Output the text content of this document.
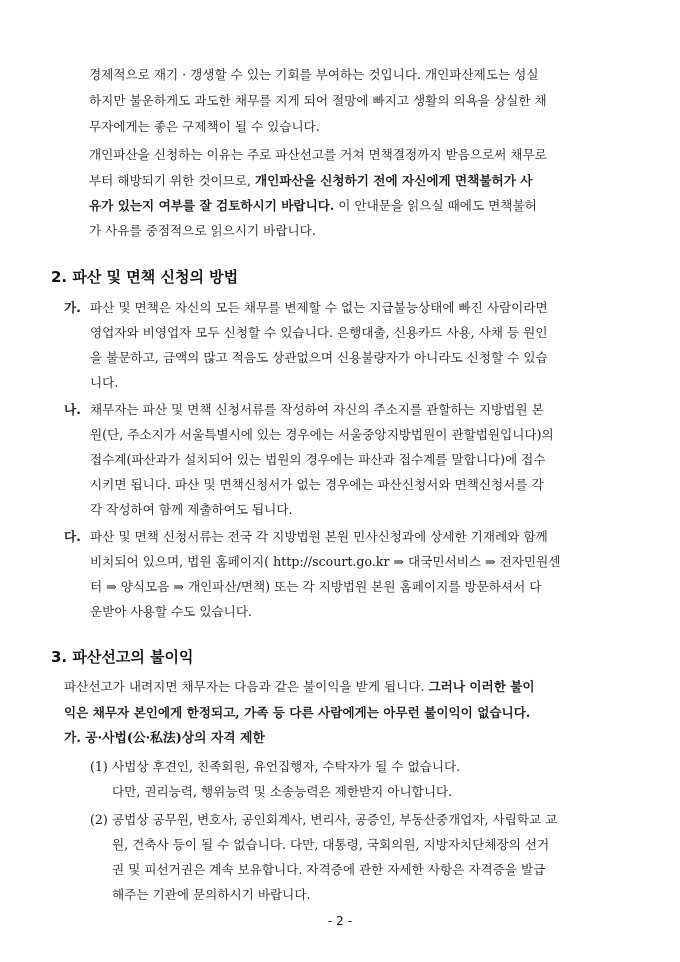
경제적으로 재기 · 갱생할 수 있는 기회를 부여하는 것입니다. 개인파산제도는 성실
하지만 불운하게도 과도한 채무를 지게 되어 절망에 빠지고 생활의 의욕을 상실한 채
무자에게는 좋은 구제책이 될 수 있습니다.
개인파산을 신청하는 이유는 주로 파산선고를 거쳐 면책결정까지 받음으로써 채무로
부터 해방되기 위한 것이므로, 개인파산을 신청하기 전에 자신에게 면책불허가 사
유가 있는지 여부를 잘 검토하시기 바랍니다. 이 안내문을 읽으실 때에도 면책불허
가 사유를 중점적으로 읽으시기 바랍니다.
2. 파산 및 면책 신청의 방법
가. 파산 및 면책은 자신의 모든 채무를 변제할 수 없는 지급불능상태에 빠진 사람이라면
영업자와 비영업자 모두 신청할 수 있습니다. 은행대출, 신용카드 사용, 사채 등 원인
을 불문하고, 금액의 많고 적음도 상관없으며 신용불량자가 아니라도 신청할 수 있습
니다.
나. 채무자는 파산 및 면책 신청서류를 작성하여 자신의 주소지를 관할하는 지방법원 본
원(단, 주소지가 서울특별시에 있는 경우에는 서울중앙지방법원이 관할법원입니다)의
접수계(파산과가 설치되어 있는 법원의 경우에는 파산과 접수계를 말합니다)에 접수
시키면 됩니다. 파산 및 면책신청서가 없는 경우에는 파산신청서와 면책신청서를 각
각 작성하여 함께 제출하여도 됩니다.
다. 파산 및 면책 신청서류는 전국 각 지방법원 본원 민사신청과에 상세한 기재례와 함께
비치되어 있으며, 법원 홈페이지( http://scourt.go.kr ⇒ 대국민서비스 ⇒ 전자민원센
터 ⇒ 양식모음 ⇒ 개인파산/면책) 또는 각 지방법원 본원 홈페이지를 방문하셔서 다
운받아 사용할 수도 있습니다.
3. 파산선고의 불이익
파산선고가 내려지면 채무자는 다음과 같은 불이익을 받게 됩니다. 그러나 이러한 불이
익은 채무자 본인에게 한정되고, 가족 등 다른 사람에게는 아무런 불이익이 없습니다.
가. 공·사법(公·私法)상의 자격 제한
(1) 사법상 후견인, 친족회원, 유언집행자, 수탁자가 될 수 없습니다.
다만, 권리능력, 행위능력 및 소송능력은 제한받지 아니합니다.
(2) 공법상 공무원, 변호사, 공인회계사, 변리사, 공증인, 부동산중개업자, 사립학교 교
원, 건축사 등이 될 수 없습니다. 다만, 대통령, 국회의원, 지방자치단체장의 선거
권 및 피선거권은 계속 보유합니다. 자격증에 관한 자세한 사항은 자격증을 발급
해주는 기관에 문의하시기 바랍니다.
- 2 -
